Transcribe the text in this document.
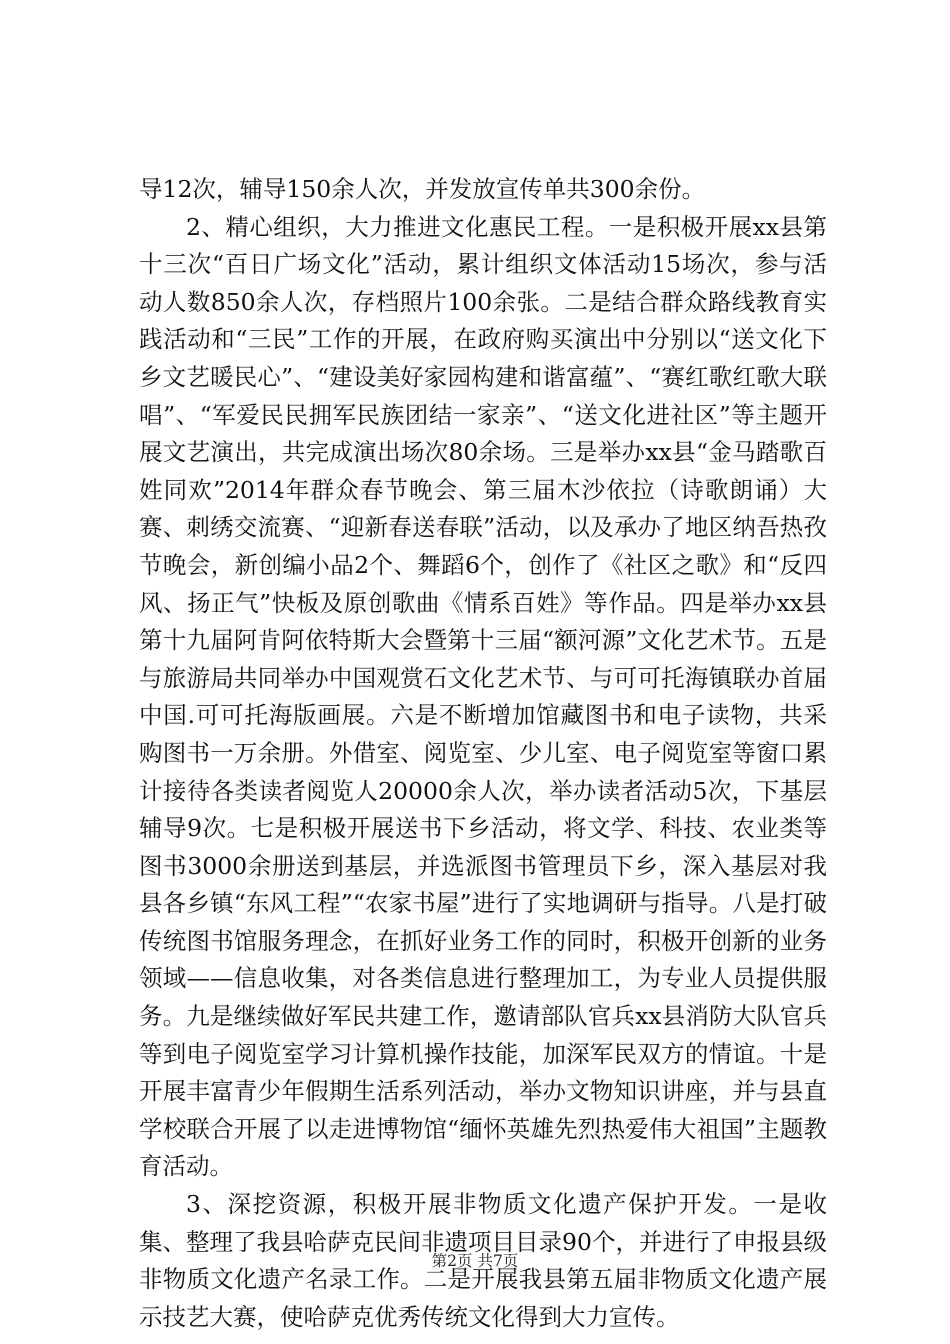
导12次，辅导150余人次，并发放宣传单共300余份。

2、精心组织，大力推进文化惠民工程。一是积极开展xx县第十三次“百日广场文化”活动，累计组织文体活动15场次，参与活动人数850余人次，存档照片100余张。二是结合群众路线教育实践活动和“三民”工作的开展，在政府购买演出中分别以“送文化下乡文艺暖民心”、“建设美好家园构建和谐富蕴”、“赛红歌红歌大联唱”、“军爱民民拥军民族团结一家亲”、“送文化进社区”等主题开展文艺演出，共完成演出场次80余场。三是举办xx县“金马踏歌百姓同欢”2014年群众春节晚会、第三届木沙依拉（诗歌朗诵）大赛、刺绣交流赛、“迎新春送春联”活动，以及承办了地区纳吾热孜节晚会，新创编小品2个、舞蹈6个，创作了《社区之歌》和“反四风、扬正气”快板及原创歌曲《情系百姓》等作品。四是举办xx县第十九届阿肯阿依特斯大会暨第十三届“额河源”文化艺术节。五是与旅游局共同举办中国观赏石文化艺术节、与可可托海镇联办首届中国.可可托海版画展。六是不断增加馆藏图书和电子读物，共采购图书一万余册。外借室、阅览室、少儿室、电子阅览室等窗口累计接待各类读者阅览人20000余人次，举办读者活动5次，下基层辅导9次。七是积极开展送书下乡活动，将文学、科技、农业类等图书3000余册送到基层，并选派图书管理员下乡，深入基层对我县各乡镇“东风工程”“农家书屋”进行了实地调研与指导。八是打破传统图书馆服务理念，在抓好业务工作的同时，积极开创新的业务领域——信息收集，对各类信息进行整理加工，为专业人员提供服务。九是继续做好军民共建工作，邀请部队官兵xx县消防大队官兵等到电子阅览室学习计算机操作技能，加深军民双方的情谊。十是开展丰富青少年假期生活系列活动，举办文物知识讲座，并与县直学校联合开展了以走进博物馆“缅怀英雄先烈热爱伟大祖国”主题教育活动。

3、深挖资源，积极开展非物质文化遗产保护开发。一是收集、整理了我县哈萨克民间非遗项目目录90个，并进行了申报县级非物质文化遗产名录工作。二是开展我县第五届非物质文化遗产展示技艺大赛，使哈萨克优秀传统文化得到大力宣传。

第2页 共7页
